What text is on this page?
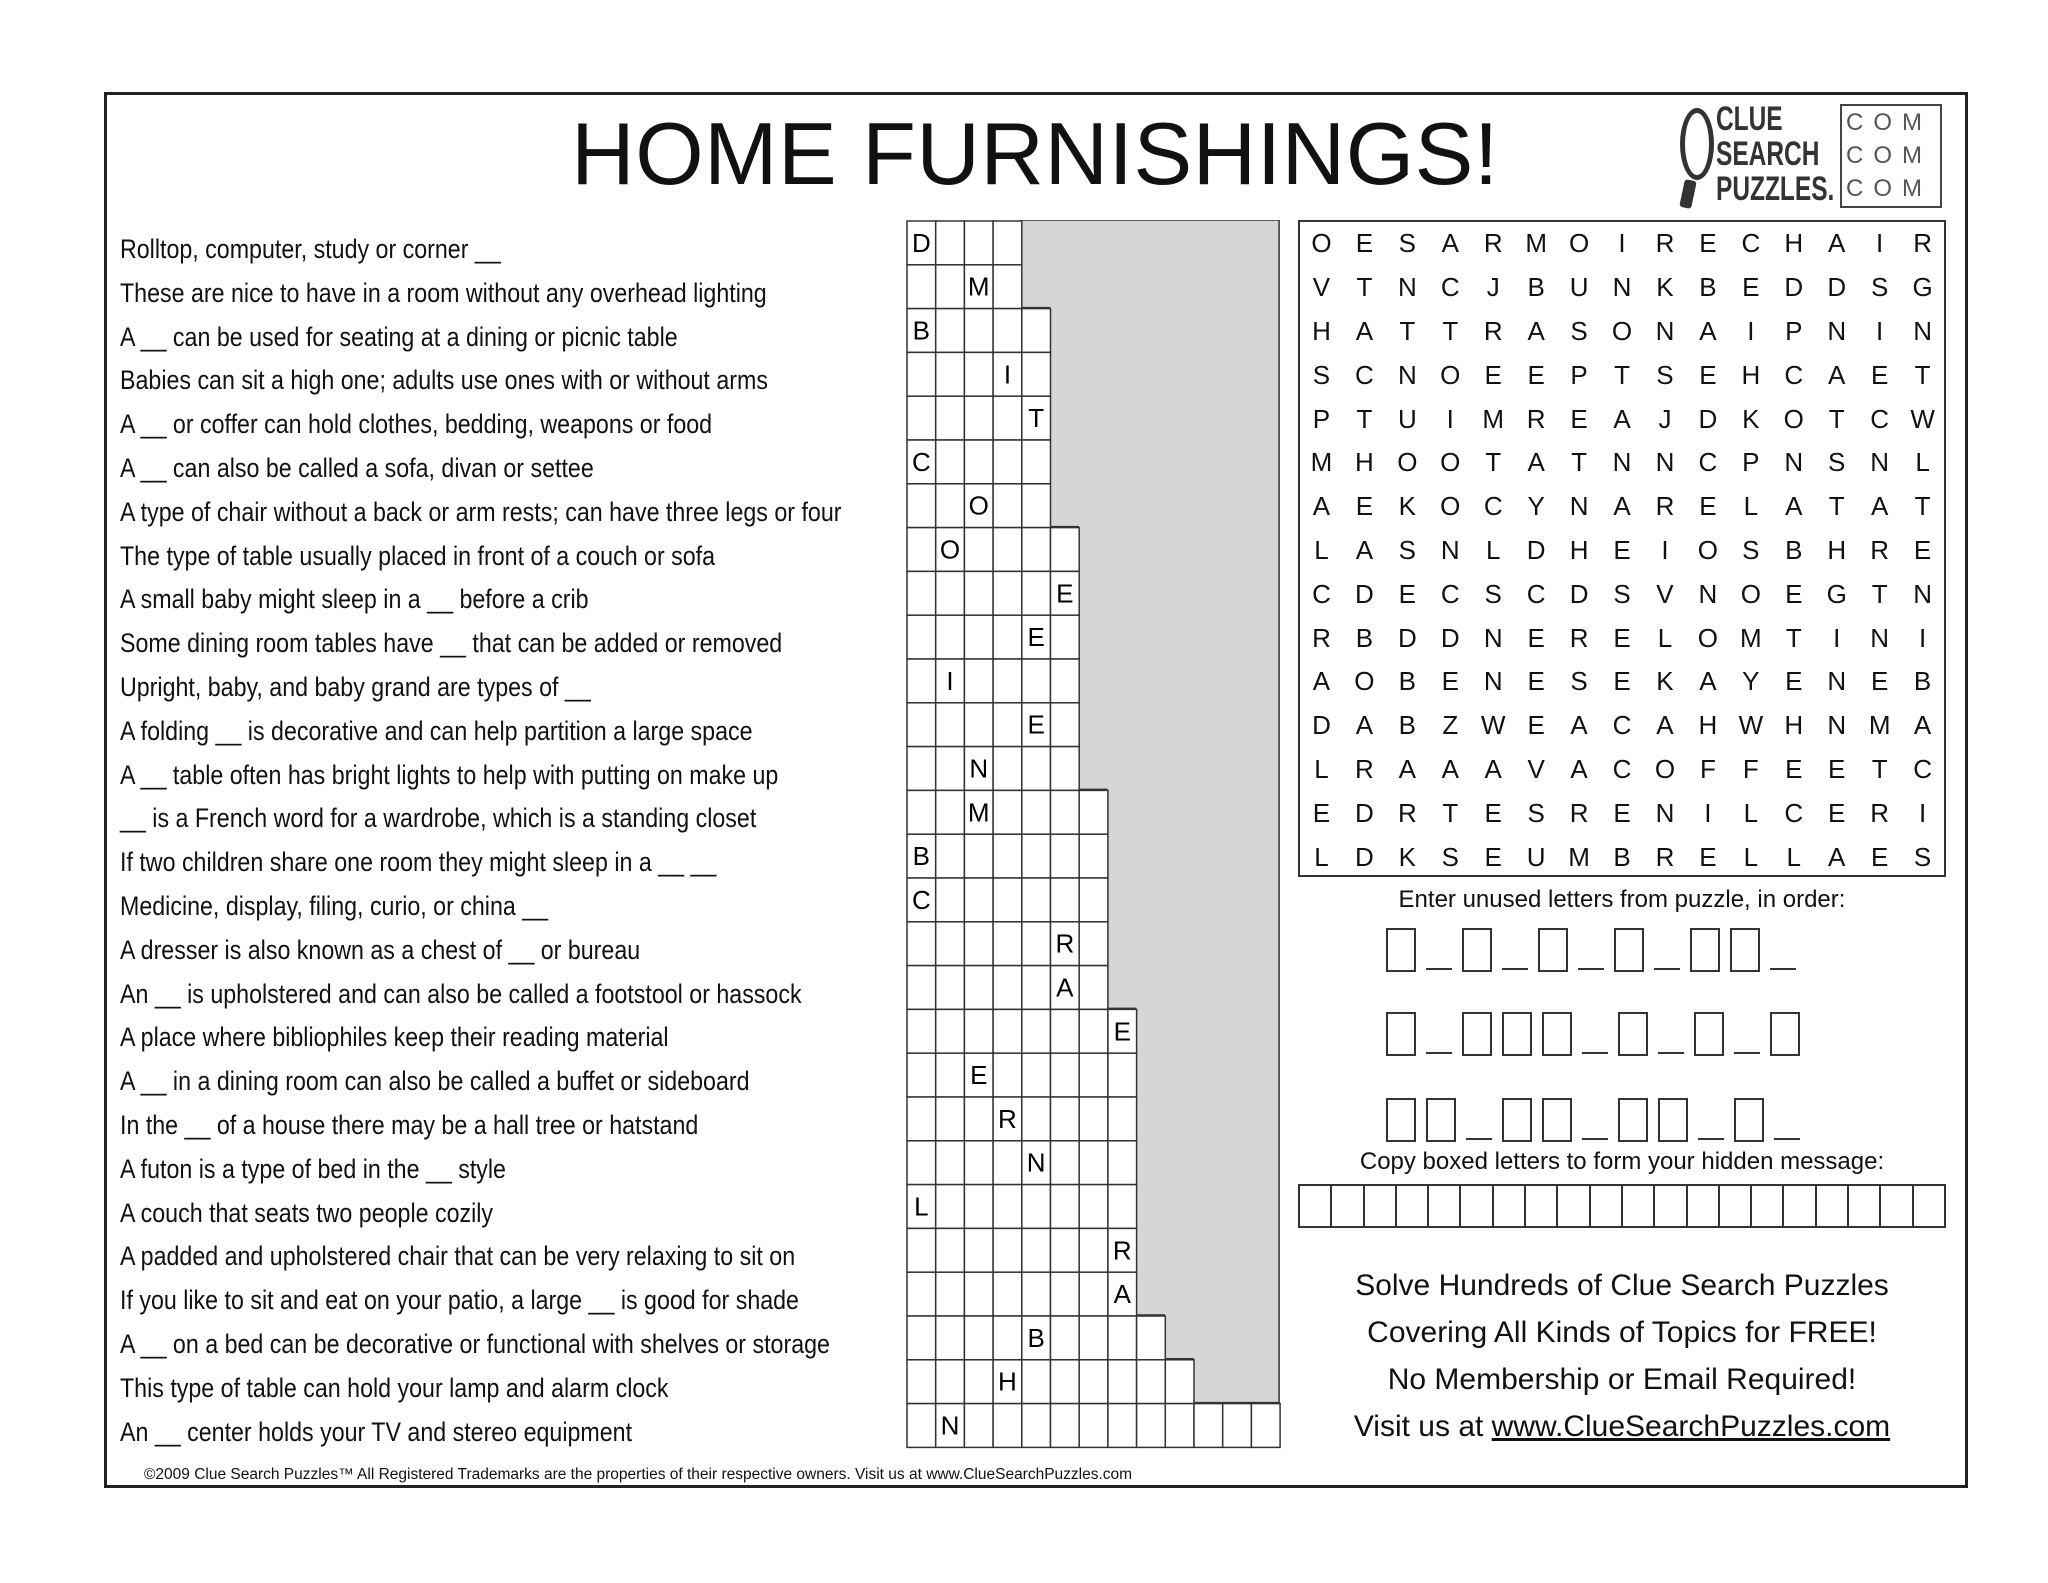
HOME FURNISHINGS!	CLUE
SEARCH
PUZZLES.
COM
COM
COM
Rolltop, computer, study or corner __
These are nice to have in a room without any overhead lighting
A __ can be used for seating at a dining or picnic table
Babies can sit a high one; adults use ones with or without arms
A __ or coffer can hold clothes, bedding, weapons or food
A __ can also be called a sofa, divan or settee
A type of chair without a back or arm rests; can have three legs or four
The type of table usually placed in front of a couch or sofa
A small baby might sleep in a __ before a crib
Some dining room tables have __ that can be added or removed
Upright, baby, and baby grand are types of __
A folding __ is decorative and can help partition a large space
A __ table often has bright lights to help with putting on make up
__ is a French word for a wardrobe, which is a standing closet
If two children share one room they might sleep in a __ __
Medicine, display, filing, curio, or china __
A dresser is also known as a chest of __ or bureau
An __ is upholstered and can also be called a footstool or hassock
A place where bibliophiles keep their reading material
A __ in a dining room can also be called a buffet or sideboard
In the __ of a house there may be a hall tree or hatstand
A futon is a type of bed in the __ style
A couch that seats two people cozily
A padded and upholstered chair that can be very relaxing to sit on
If you like to sit and eat on your patio, a large __ is good for shade
A __ on a bed can be decorative or functional with shelves or storage
This type of table can hold your lamp and alarm clock
An __ center holds your TV and stereo equipment
D
M
B
I
T
C
O
O
E
E
I
E
N
M
B
C
R
A
E
E
R
N
L
R
A
B
H
N
O E S A R M O	I	R E C H A	I	R
V	T N C	J	B U N K B E D D S G
H A	T	T R A S O N A	I	P N	I	N
S C N O E E P	T	S E H C A E	T
P	T U	I	M R E A	J	D K O T C W
M H O O T	A	T N N C P N S N	L
A E K O C Y N A R E	L	A	T	A	T
L	A S N	L	D H E	I	O S B H R E
C D E C S C D S V N O E G T N
R B D D N E R E	L O M T	I	N	I
A O B E N E S E K A Y E N E B
D A B	Z W E A C A H W H N M A
L	R A A A V A C O F	F	E E	T C
E D R T	E S R E N	I	L	C E R	I
L	D K S E U M B R E	L	L	A E S
Enter unused letters from puzzle, in order:
Copy boxed letters to form your hidden message:
Solve Hundreds of Clue Search Puzzles
Covering All Kinds of Topics for FREE!
No Membership or Email Required!
Visit us at www.ClueSearchPuzzles.com
©2009 Clue Search Puzzles™ All Registered Trademarks are the properties of their respective owners. Visit us at www.ClueSearchPuzzles.com
